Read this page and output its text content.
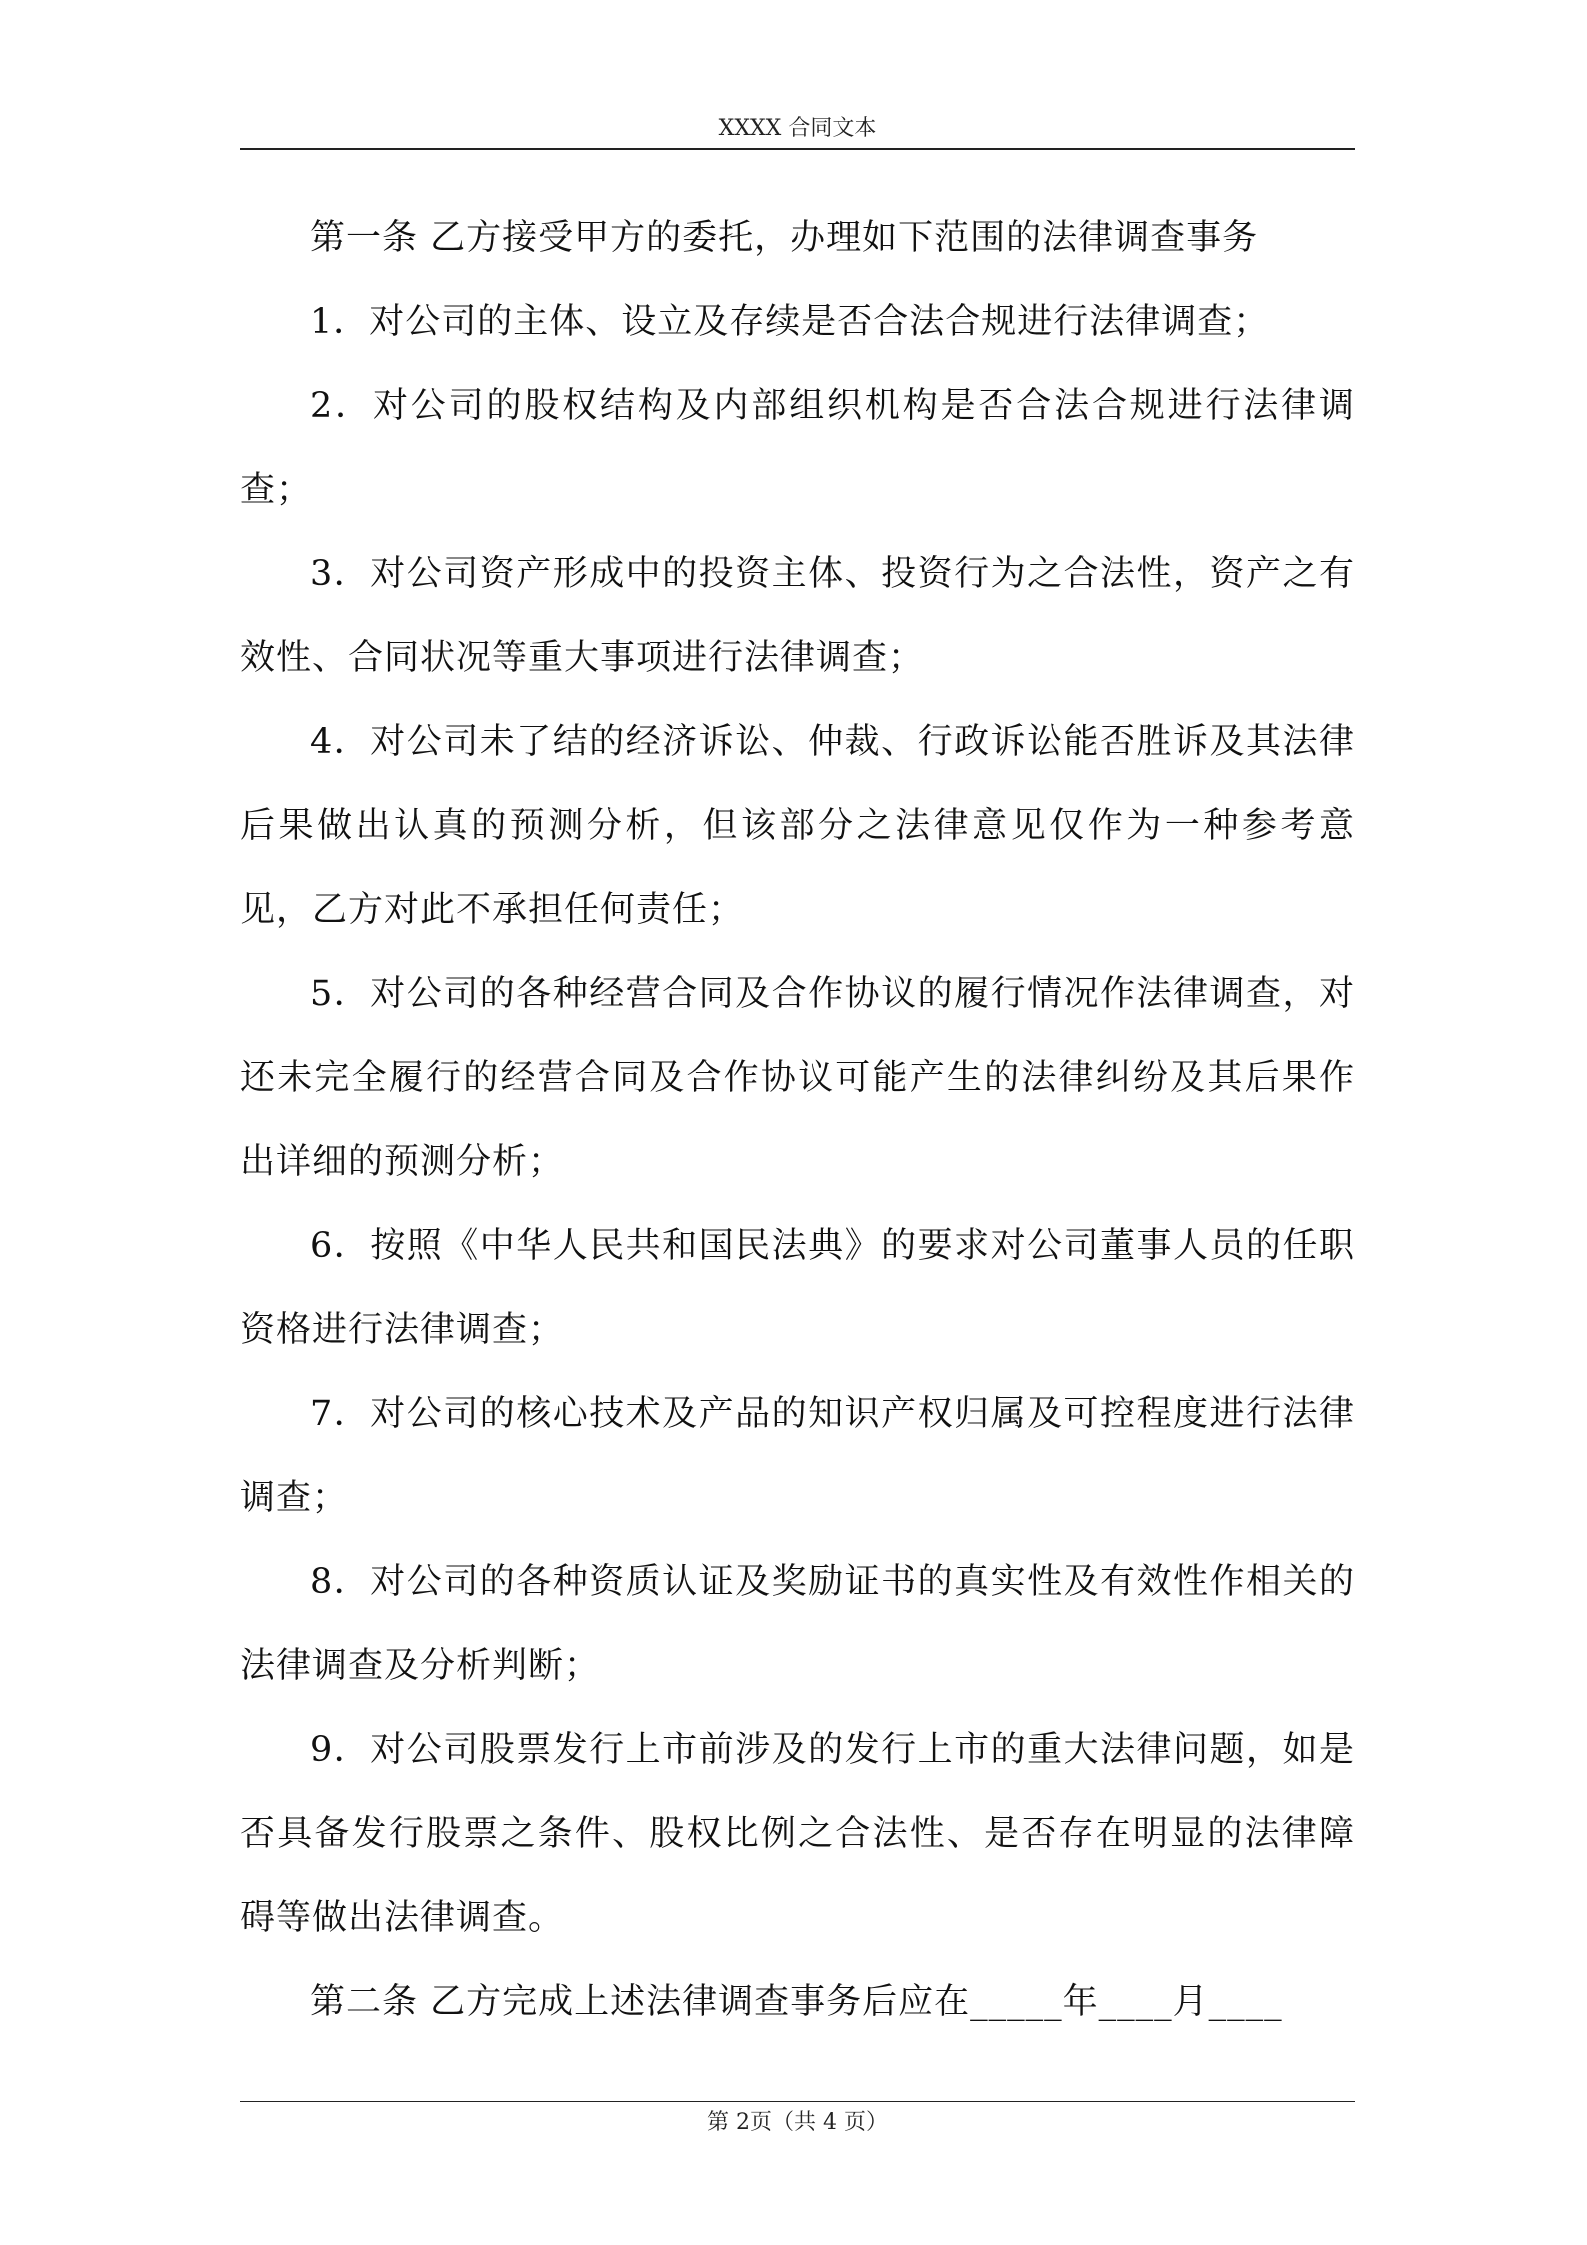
XXXX 合同文本

第一条 乙方接受甲方的委托，办理如下范围的法律调查事务

1．对公司的主体、设立及存续是否合法合规进行法律调查；

2．对公司的股权结构及内部组织机构是否合法合规进行法律调查；

3．对公司资产形成中的投资主体、投资行为之合法性，资产之有效性、合同状况等重大事项进行法律调查；

4．对公司未了结的经济诉讼、仲裁、行政诉讼能否胜诉及其法律后果做出认真的预测分析，但该部分之法律意见仅作为一种参考意见，乙方对此不承担任何责任；

5．对公司的各种经营合同及合作协议的履行情况作法律调查，对还未完全履行的经营合同及合作协议可能产生的法律纠纷及其后果作出详细的预测分析；

6．按照《中华人民共和国民法典》的要求对公司董事人员的任职资格进行法律调查；

7．对公司的核心技术及产品的知识产权归属及可控程度进行法律调查；

8．对公司的各种资质认证及奖励证书的真实性及有效性作相关的法律调查及分析判断；

9．对公司股票发行上市前涉及的发行上市的重大法律问题，如是否具备发行股票之条件、股权比例之合法性、是否存在明显的法律障碍等做出法律调查。

第二条 乙方完成上述法律调查事务后应在_____年____月____

第 2页（共 4 页）
